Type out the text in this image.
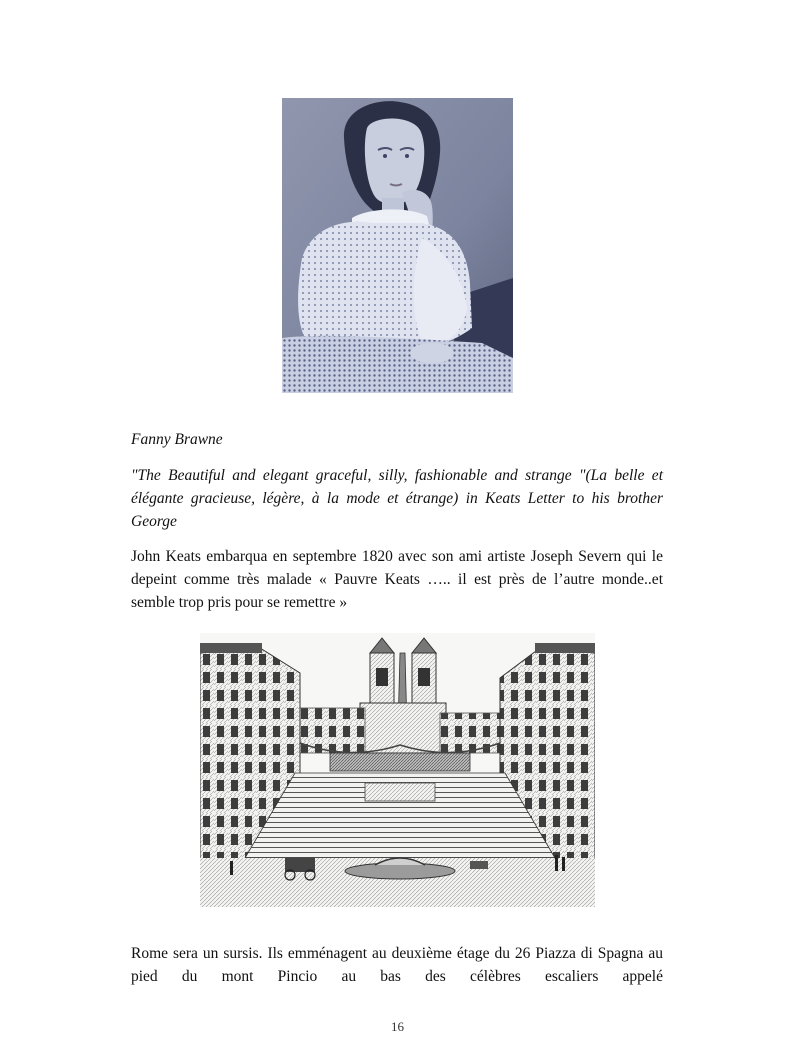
Fanny Brawne
"The Beautiful and elegant graceful, silly, fashionable and strange "(La belle et élégante gracieuse, légère, à la mode et étrange) in Keats Letter to his brother George
John Keats embarqua en septembre 1820 avec son ami artiste Joseph Severn qui le depeint comme très malade « Pauvre Keats ….. il est près de l’autre monde..et semble trop pris pour se remettre »
Rome sera un sursis. Ils emménagent au deuxième étage du 26 Piazza di Spagna au pied du mont Pincio au bas des célèbres escaliers appelé
16
